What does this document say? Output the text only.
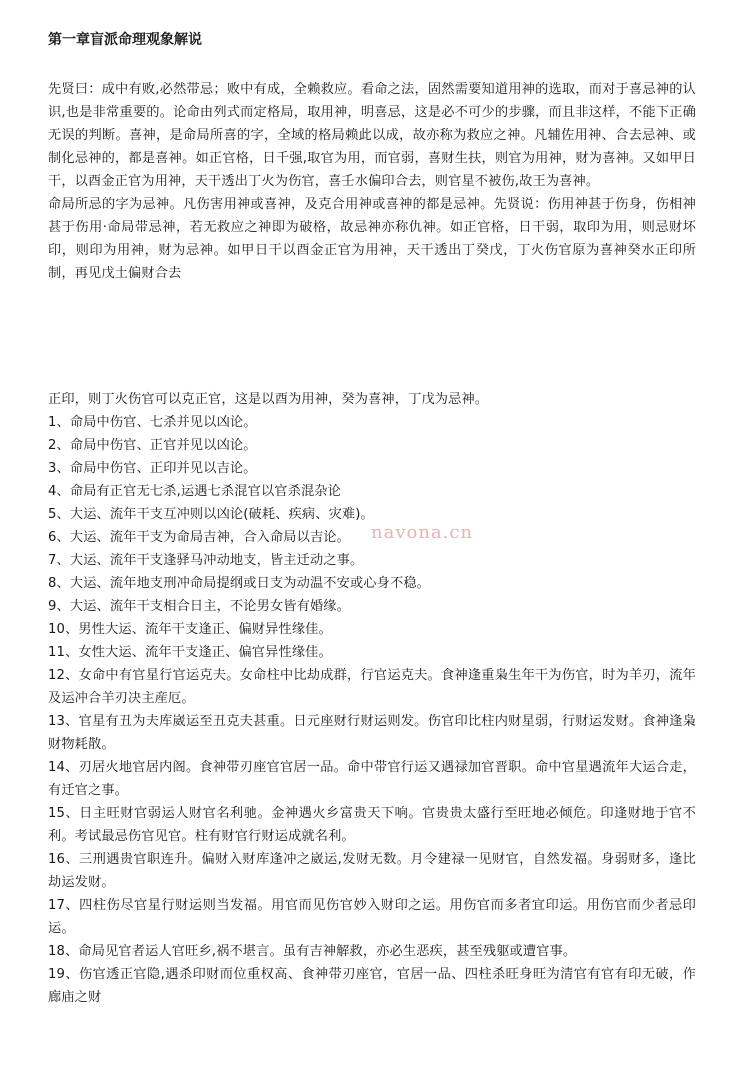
第一章盲派命理观象解说

先贤曰：成中有败,必然带忌；败中有成，全赖救应。看命之法，固然需要知道用神的选取，而对于喜忌神的认识,也是非常重要的。论命由列式而定格局，取用神，明喜忌，这是必不可少的步骤，而且非这样，不能下正确无误的判断。喜神，是命局所喜的字，全域的格局赖此以成，故亦称为救应之神。凡辅佐用神、合去忌神、或制化忌神的，都是喜神。如正官格，日千强,取官为用，而官弱，喜财生扶，则官为用神，财为喜神。又如甲日干，以酉金正官为用神，天干透出丁火为伤官，喜壬水偏印合去，则官星不被伤,故王为喜神。

命局所忌的字为忌神。凡伤害用神或喜神，及克合用神或喜神的都是忌神。先贤说：伤用神甚于伤身，伤相神甚于伤用·命局带忌神，若无救应之神即为破格，故忌神亦称仇神。如正官格，日干弱，取印为用，则忌财坏印，则印为用神，财为忌神。如甲日干以酉金正官为用神，天干透出丁癸戊，丁火伤官原为喜神癸水正印所制，再见戊土偏财合去

正印，则丁火伤官可以克正官，这是以酉为用神，癸为喜神，丁戊为忌神。

1、命局中伤官、七杀并见以凶论。
2、命局中伤官、正官并见以凶论。
3、命局中伤官、正印并见以吉论。
4、命局有正官无七杀,运遇七杀混官以官杀混杂论
5、大运、流年干支互冲则以凶论(破耗、疾病、灾难)。
6、大运、流年干支为命局吉神，合入命局以吉论。
7、大运、流年干支逢驿马冲动地支，皆主迁动之事。
8、大运、流年地支刑冲命局提纲或日支为动温不安或心身不稳。
9、大运、流年干支相合日主，不论男女皆有婚缘。
10、男性大运、流年干支逢正、偏财异性缘佳。
11、女性大运、流年干支逢正、偏官异性缘佳。
12、女命中有官星行官运克夫。女命柱中比劫成群，行官运克夫。食神逢重枭生年干为伤官，时为羊刃，流年及运冲合羊刃决主産厄。
13、官星有丑为夫库崴运至丑克夫甚重。日元座财行财运则发。伤官印比柱内财星弱，行财运发财。食神逢枭财物耗散。
14、刃居火地官居内阁。食神带刃座官官居一品。命中带官行运又遇禄加官晋职。命中官星遇流年大运合走，有迁官之事。
15、日主旺财官弱运人财官名利驰。金神遇火乡富贵天下响。官贵贵太盛行至旺地必倾危。印逢财地于官不利。考试最忌伤官见官。柱有财官行财运成就名利。
16、三刑遇贵官职连升。偏财入财库逢冲之崴运,发财无数。月令建禄一见财官，自然发福。身弱财多，逢比劫运发财。
17、四柱伤尽官星行财运则当发福。用官而见伤官妙入财印之运。用伤官而多者宜印运。用伤官而少者忌印运。
18、命局见官者运人官旺乡,祸不堪言。虽有吉神解救，亦必生恶疾，甚至残躯或遭官事。
19、伤官透正官隐,遇杀印财而位重权高、食神带刃座官，官居一品、四柱杀旺身旺为清官有官有印无破，作廊庙之财
navona.cn
